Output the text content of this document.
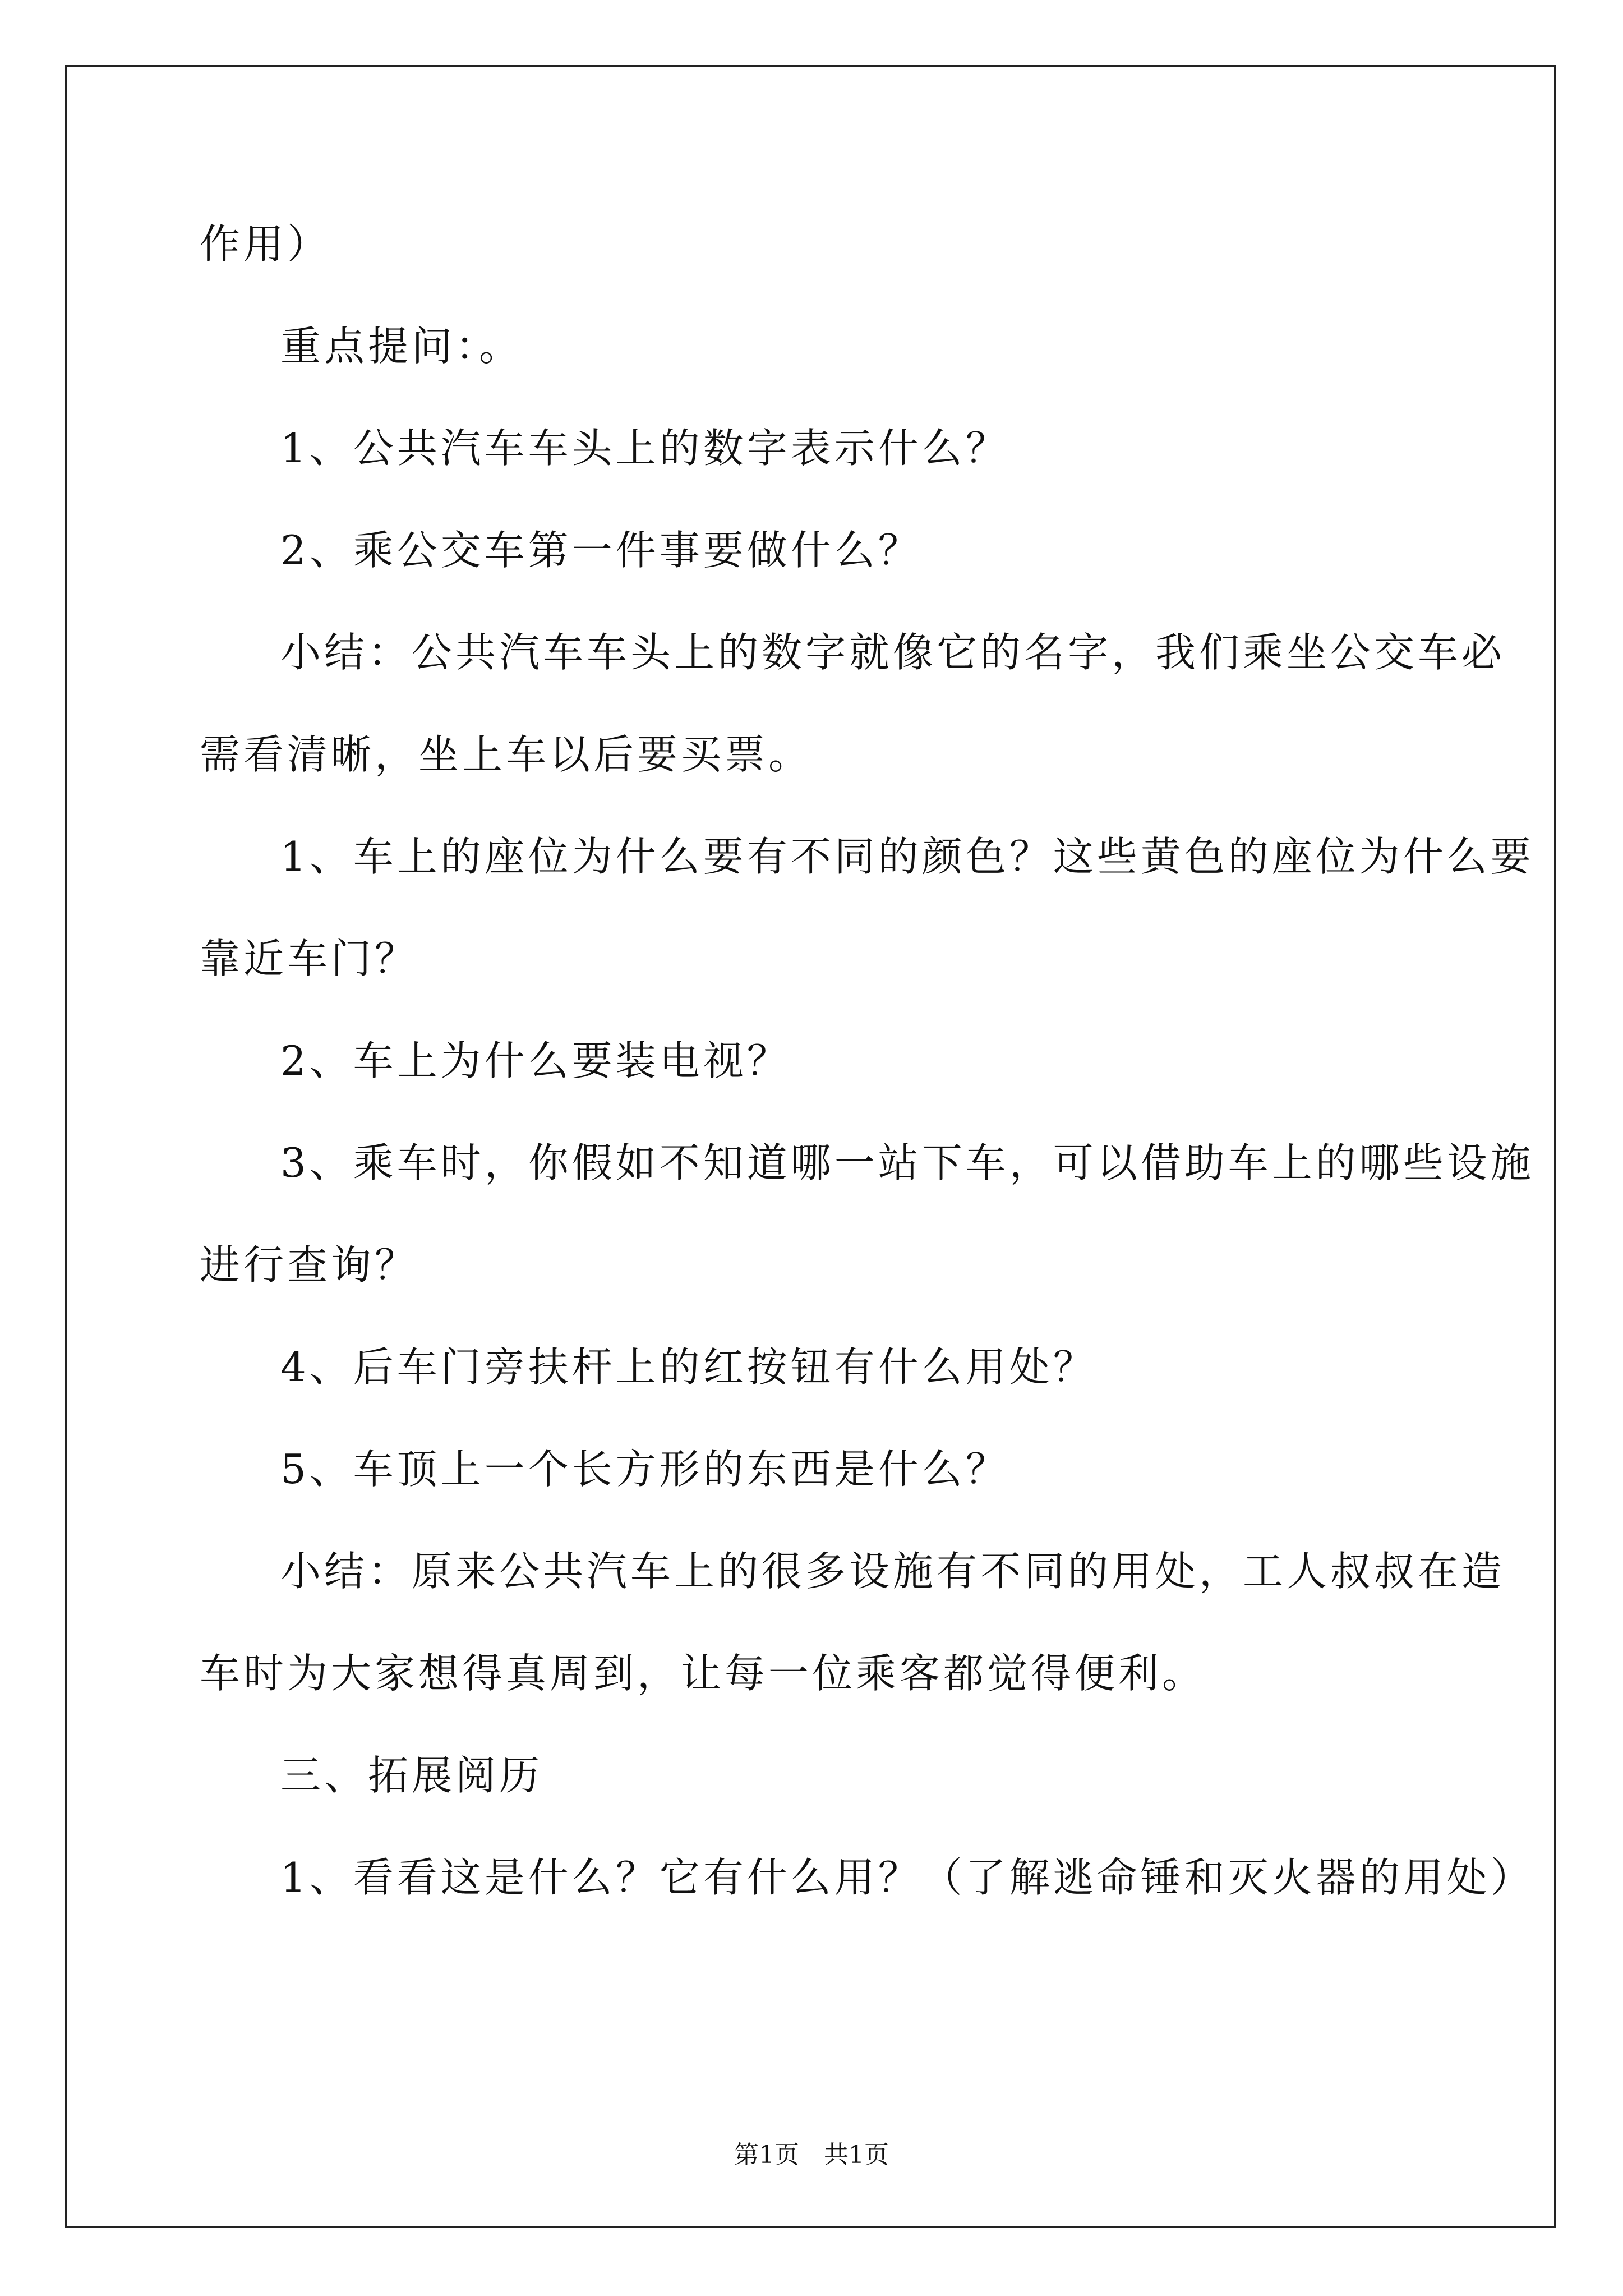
作用）
重点提问：。
1、公共汽车车头上的数字表示什么？
2、乘公交车第一件事要做什么？
小结：公共汽车车头上的数字就像它的名字，我们乘坐公交车必
需看清晰，坐上车以后要买票。
1、车上的座位为什么要有不同的颜色？这些黄色的座位为什么要
靠近车门？
2、车上为什么要装电视？
3、乘车时，你假如不知道哪一站下车，可以借助车上的哪些设施
进行查询？
4、后车门旁扶杆上的红按钮有什么用处？
5、车顶上一个长方形的东西是什么？
小结：原来公共汽车上的很多设施有不同的用处，工人叔叔在造
车时为大家想得真周到，让每一位乘客都觉得便利。
三、拓展阅历
1、看看这是什么？它有什么用？（了解逃命锤和灭火器的用处）
第1页　共1页
